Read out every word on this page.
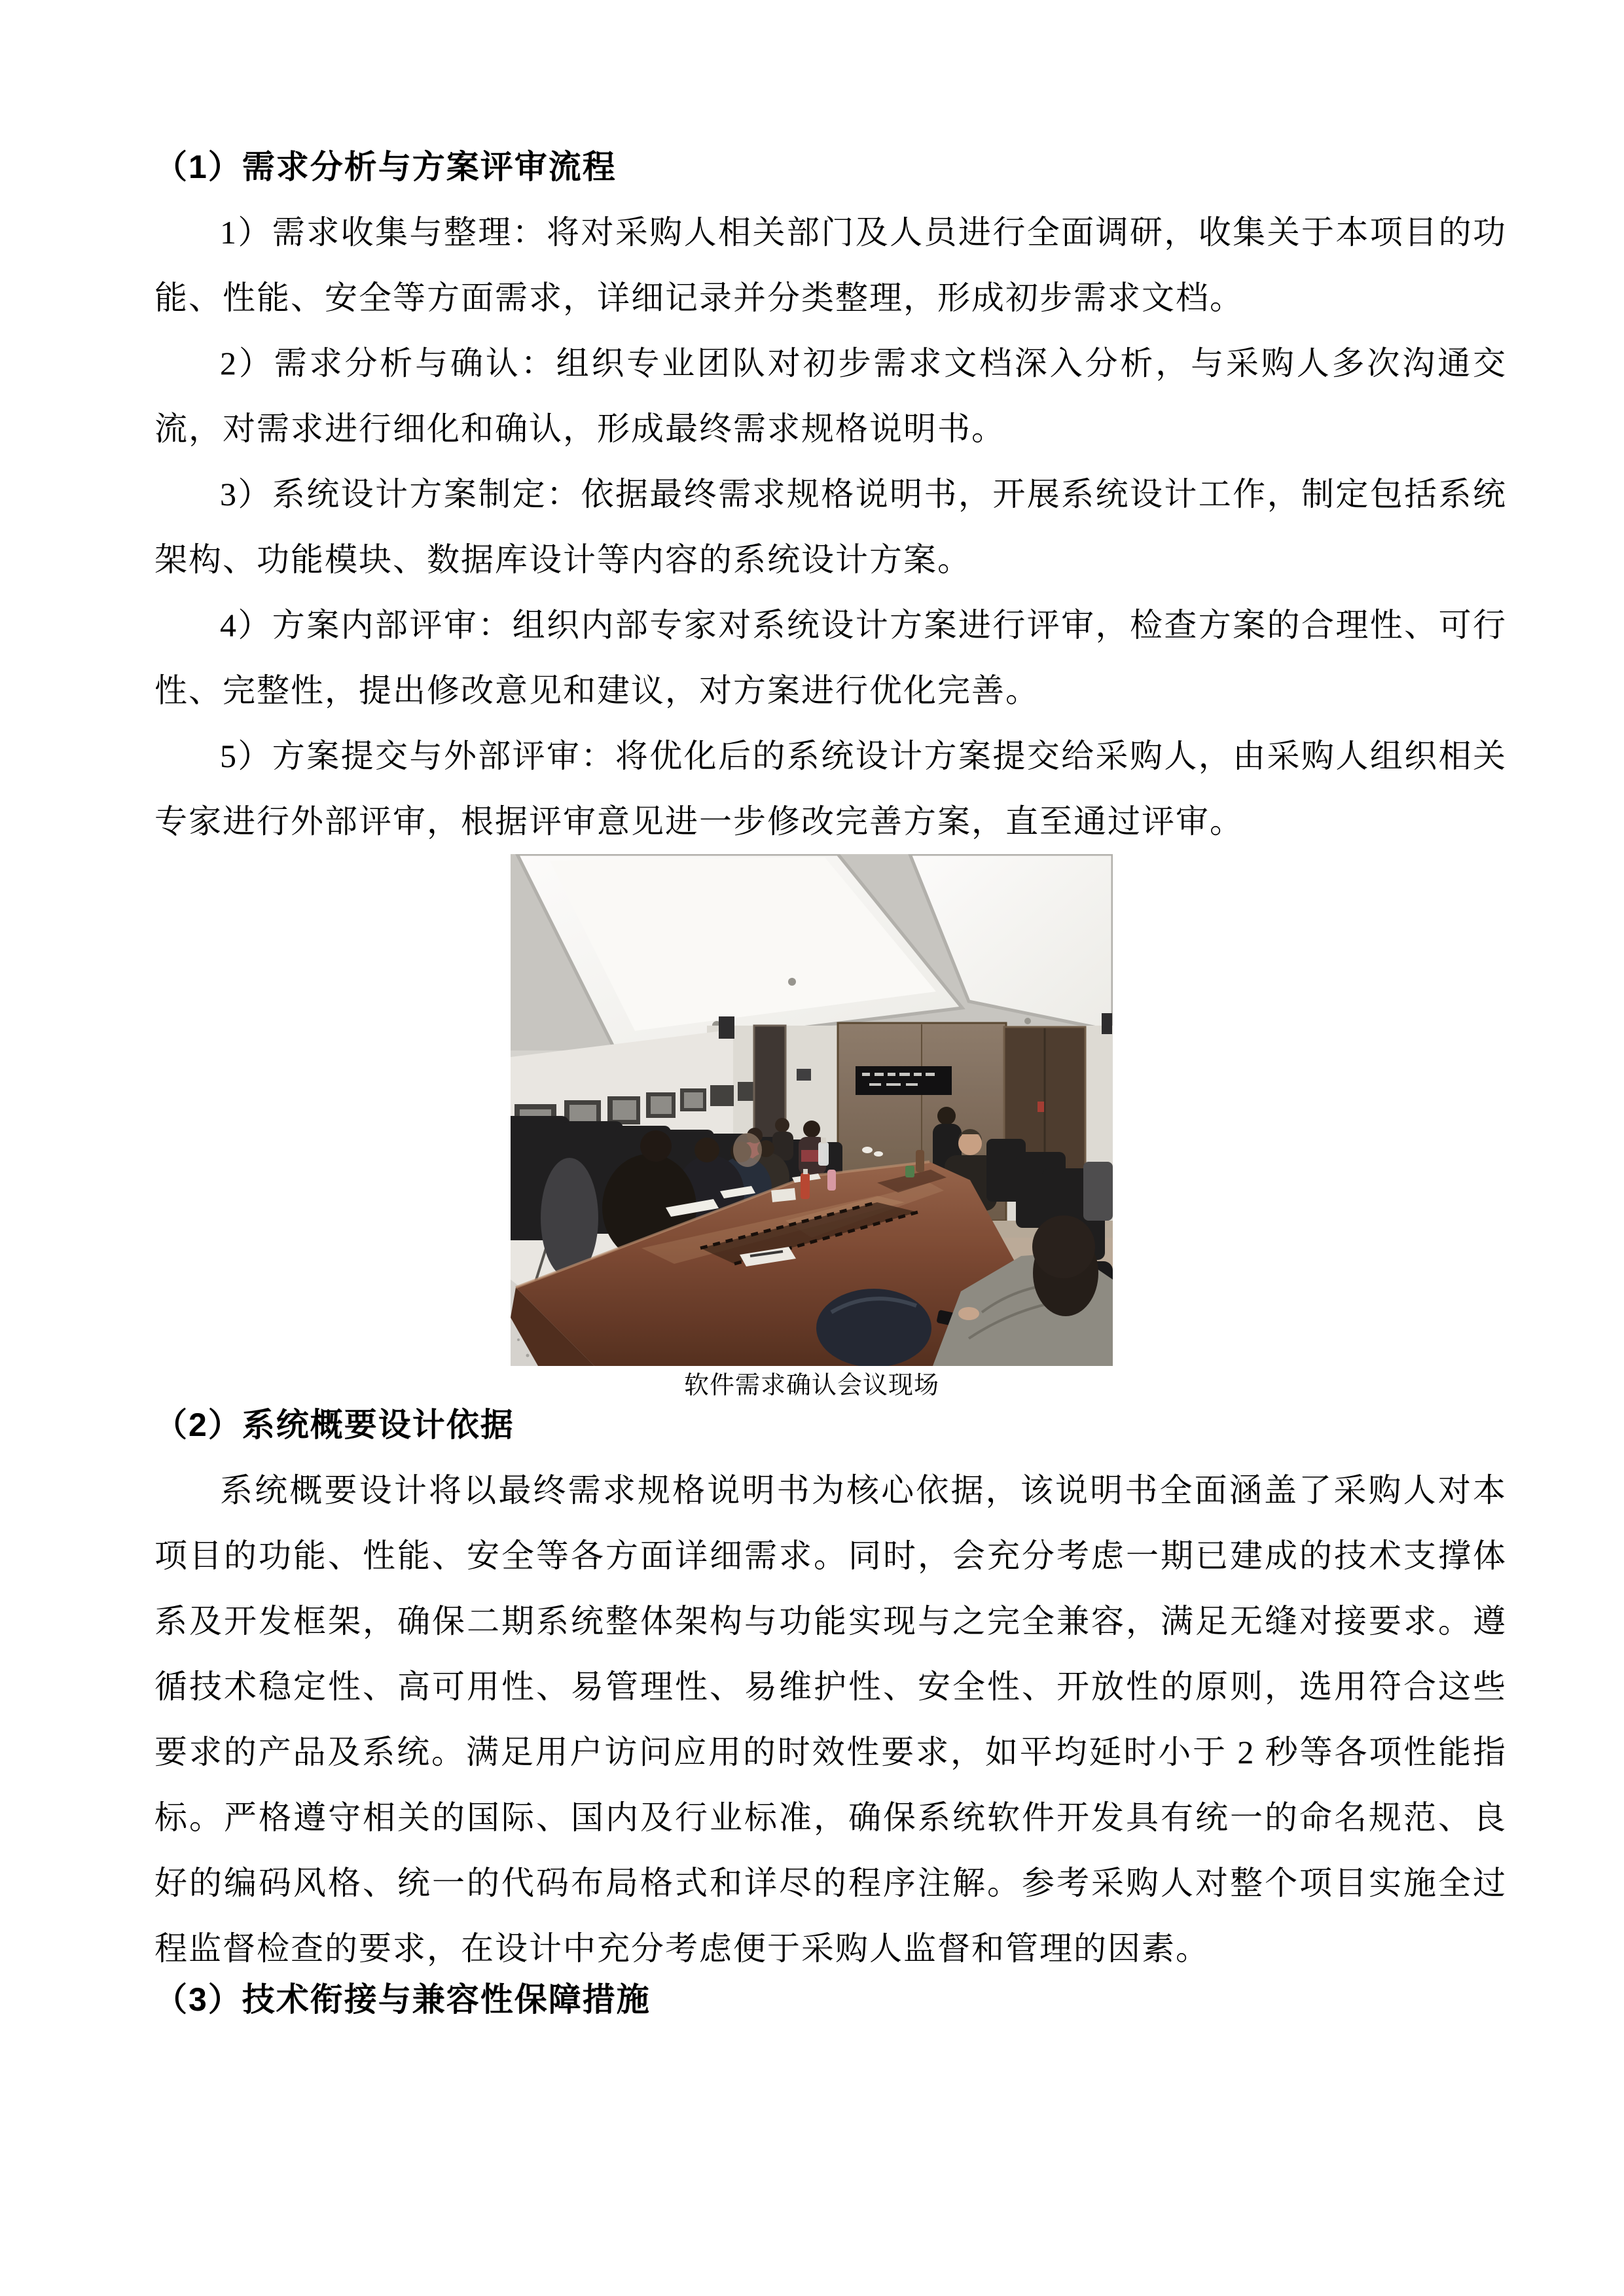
（1）需求分析与方案评审流程

1）需求收集与整理：将对采购人相关部门及人员进行全面调研，收集关于本项目的功能、性能、安全等方面需求，详细记录并分类整理，形成初步需求文档。

2）需求分析与确认：组织专业团队对初步需求文档深入分析，与采购人多次沟通交流，对需求进行细化和确认，形成最终需求规格说明书。

3）系统设计方案制定：依据最终需求规格说明书，开展系统设计工作，制定包括系统架构、功能模块、数据库设计等内容的系统设计方案。

4）方案内部评审：组织内部专家对系统设计方案进行评审，检查方案的合理性、可行性、完整性，提出修改意见和建议，对方案进行优化完善。

5）方案提交与外部评审：将优化后的系统设计方案提交给采购人，由采购人组织相关专家进行外部评审，根据评审意见进一步修改完善方案，直至通过评审。

软件需求确认会议现场
（2）系统概要设计依据

系统概要设计将以最终需求规格说明书为核心依据，该说明书全面涵盖了采购人对本项目的功能、性能、安全等各方面详细需求。同时，会充分考虑一期已建成的技术支撑体系及开发框架，确保二期系统整体架构与功能实现与之完全兼容，满足无缝对接要求。遵循技术稳定性、高可用性、易管理性、易维护性、安全性、开放性的原则，选用符合这些要求的产品及系统。满足用户访问应用的时效性要求，如平均延时小于 2 秒等各项性能指标。严格遵守相关的国际、国内及行业标准，确保系统软件开发具有统一的命名规范、良好的编码风格、统一的代码布局格式和详尽的程序注解。参考采购人对整个项目实施全过程监督检查的要求，在设计中充分考虑便于采购人监督和管理的因素。

（3）技术衔接与兼容性保障措施
